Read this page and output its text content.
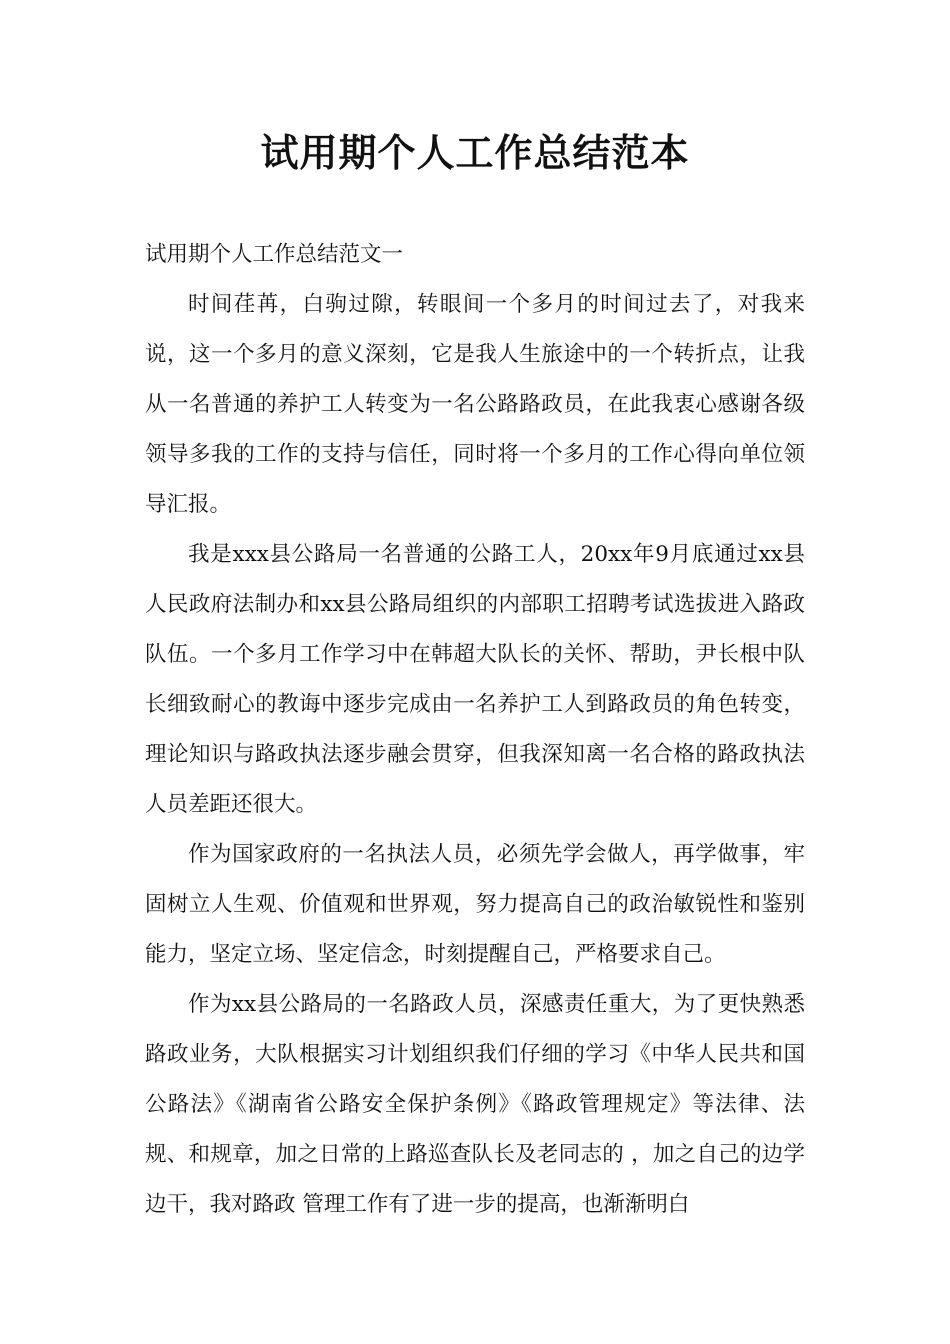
试用期个人工作总结范本

试用期个人工作总结范文一

时间荏苒，白驹过隙，转眼间一个多月的时间过去了，对我来说，这一个多月的意义深刻，它是我人生旅途中的一个转折点，让我从一名普通的养护工人转变为一名公路路政员，在此我衷心感谢各级领导多我的工作的支持与信任，同时将一个多月的工作心得向单位领导汇报。

我是xxx县公路局一名普通的公路工人，20xx年9月底通过xx县人民政府法制办和xx县公路局组织的内部职工招聘考试选拔进入路政队伍。一个多月工作学习中在韩超大队长的关怀、帮助，尹长根中队长细致耐心的教诲中逐步完成由一名养护工人到路政员的角色转变，理论知识与路政执法逐步融会贯穿，但我深知离一名合格的路政执法人员差距还很大。

作为国家政府的一名执法人员，必须先学会做人，再学做事，牢固树立人生观、价值观和世界观，努力提高自己的政治敏锐性和鉴别能力，坚定立场、坚定信念，时刻提醒自己，严格要求自己。

作为xx县公路局的一名路政人员，深感责任重大，为了更快熟悉路政业务，大队根据实习计划组织我们仔细的学习《中华人民共和国公路法》《湖南省公路安全保护条例》《路政管理规定》等法律、法规、和规章，加之日常的上路巡查队长及老同志的 ，加之自己的边学边干，我对路政 管理工作有了进一步的提高，也渐渐明白
